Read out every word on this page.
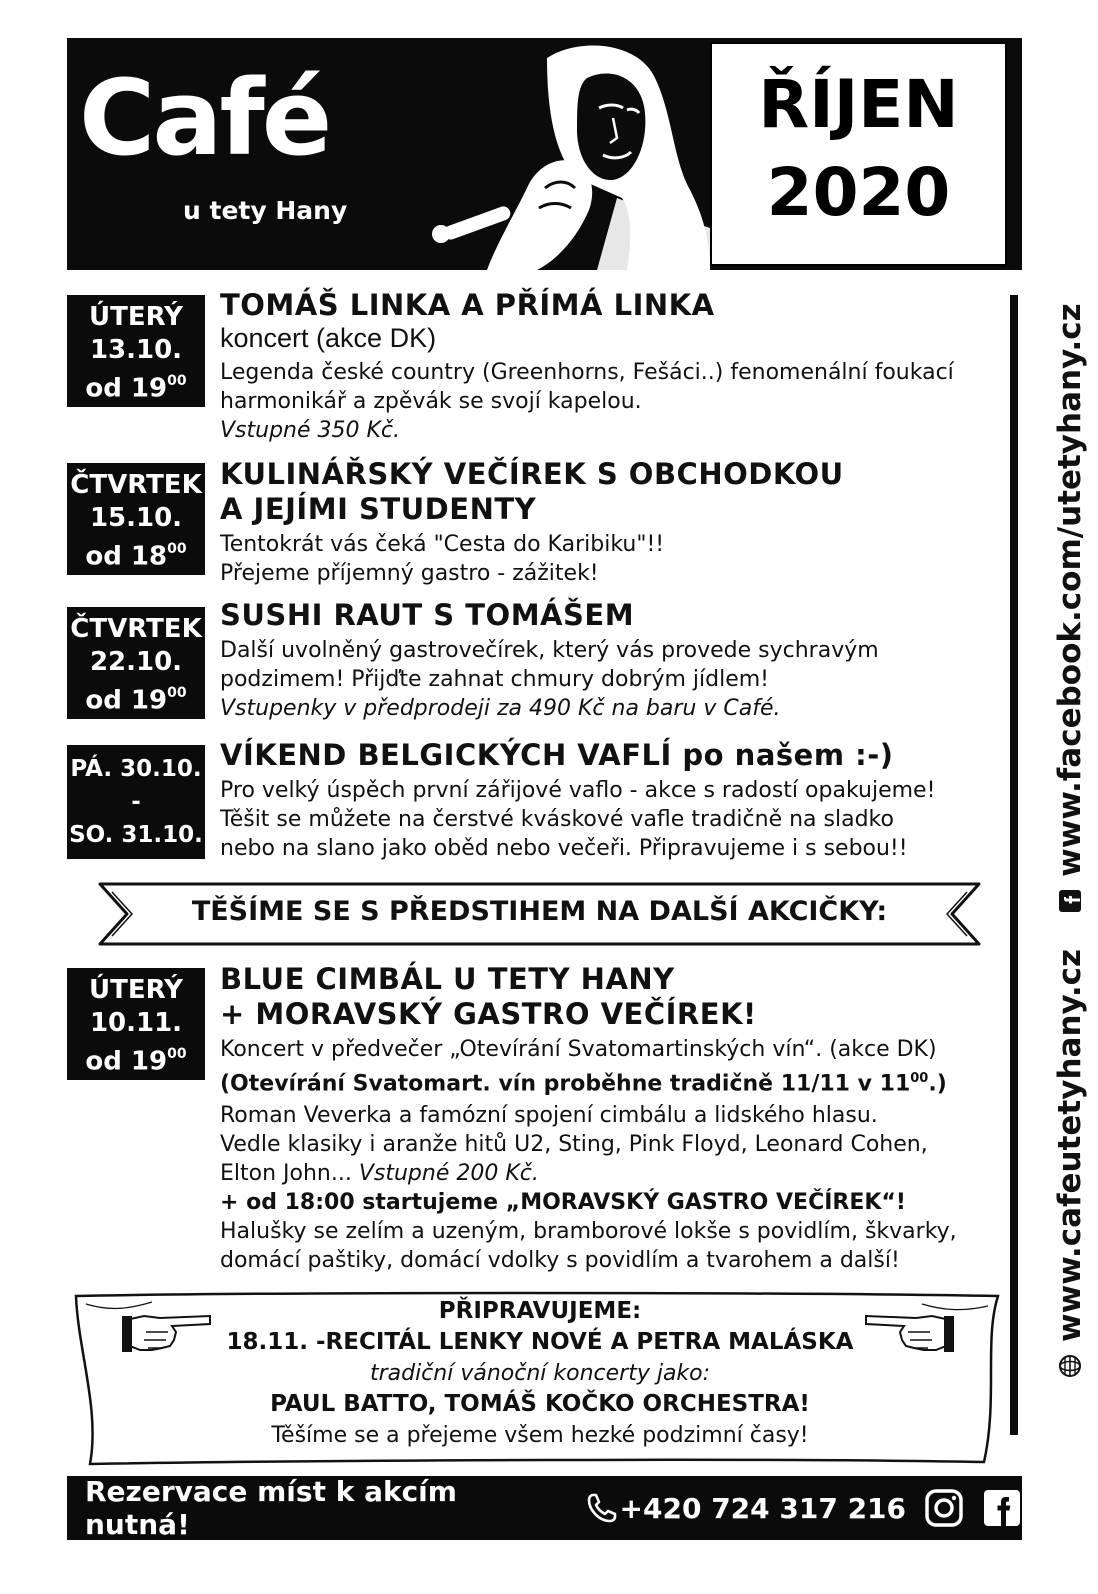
Café
u tety Hany
ŘÍJEN
2020
www.cafeutetyhany.cz
www.facebook.com/utetyhany.cz
ÚTERÝ
13.10.
od $19^{00}$
TOMÁŠ LINKA A PŘÍMÁ LINKA
koncert (akce DK)
Legenda české country (Greenhorns, Fešáci..) fenomenální foukací
harmonikář a zpěvák se svojí kapelou.
Vstupné 350 Kč.
ČTVRTEK
15.10.
od $18^{00}$
KULINÁŘSKÝ VEČÍREK S OBCHODKOU
A JEJÍMI STUDENTY
Tentokrát vás čeká "Cesta do Karibiku"!!
Přejeme příjemný gastro - zážitek!
ČTVRTEK
22.10.
od $19^{00}$
SUSHI RAUT S TOMÁŠEM
Další uvolněný gastrovečírek, který vás provede sychravým
podzimem! Přijďte zahnat chmury dobrým jídlem!
Vstupenky v předprodeji za 490 Kč na baru v Café.
PÁ. 30.10.
-
SO. 31.10.
VÍKEND BELGICKÝCH VAFLÍ po našem :-)
Pro velký úspěch první zářijové vaflo - akce s radostí opakujeme!
Těšit se můžete na čerstvé kváskové vafle tradičně na sladko
nebo na slano jako oběd nebo večeři. Připravujeme i s sebou!!
TĚŠÍME SE S PŘEDSTIHEM NA DALŠÍ AKCIČKY:
ÚTERÝ
10.11.
od $19^{00}$
BLUE CIMBÁL U TETY HANY
+ MORAVSKÝ GASTRO VEČÍREK!
Koncert v předvečer „Otevírání Svatomartinských vín“. (akce DK)
(Otevírání Svatomart. vín proběhne tradičně 11/11 v $11^{00}$.)
Roman Veverka a famózní spojení cimbálu a lidského hlasu.
Vedle klasiky i aranže hitů U2, Sting, Pink Floyd, Leonard Cohen,
Elton John... Vstupné 200 Kč.
+ od 18:00 startujeme „MORAVSKÝ GASTRO VEČÍREK“!
Halušky se zelím a uzeným, bramborové lokše s povidlím, škvarky,
domácí paštiky, domácí vdolky s povidlím a tvarohem a další!
PŘIPRAVUJEME:
18.11. -RECITÁL LENKY NOVÉ A PETRA MALÁSKA
tradiční vánoční koncerty jako:
PAUL BATTO, TOMÁŠ KOČKO ORCHESTRA!
Těšíme se a přejeme všem hezké podzimní časy!
Rezervace míst k akcím nutná!	+420 724 317 216
